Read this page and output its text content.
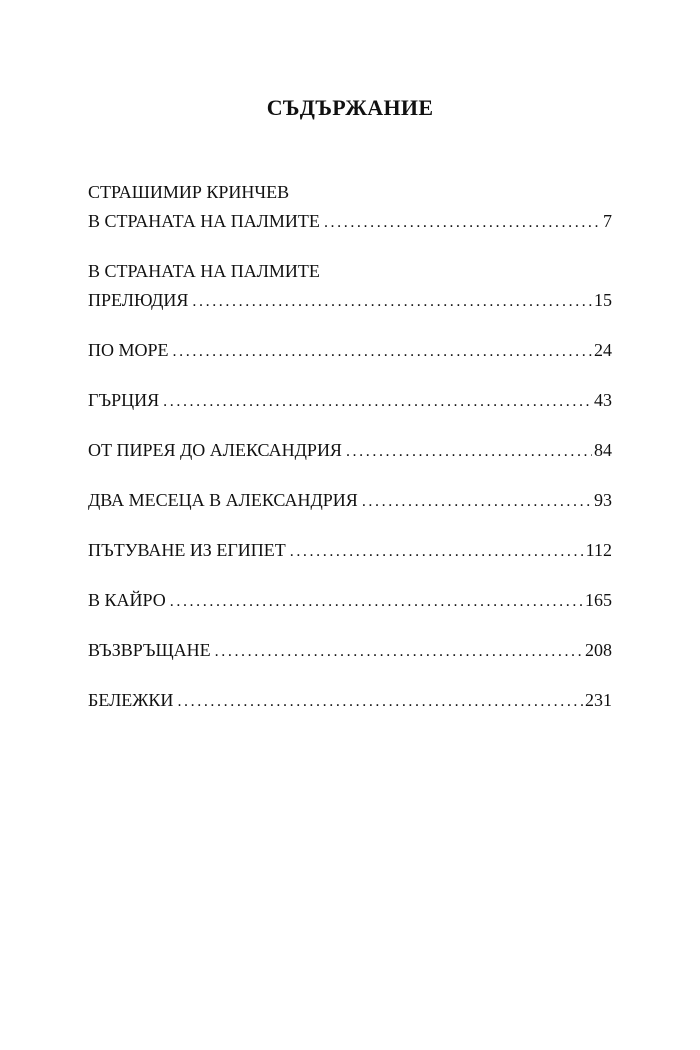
СЪДЪРЖАНИЕ
СТРАШИМИР КРИНЧЕВ
В СТРАНАТА НА ПАЛМИТЕ .....	7
В СТРАНАТА НА ПАЛМИТЕ
ПРЕЛЮДИЯ .....	15
ПО МОРЕ .....	24
ГЪРЦИЯ .....	43
ОТ ПИРЕЯ ДО АЛЕКСАНДРИЯ .....	84
ДВА МЕСЕЦА В АЛЕКСАНДРИЯ .....	93
ПЪТУВАНЕ ИЗ ЕГИПЕТ .....	112
В КАЙРО .....	165
ВЪЗВРЪЩАНЕ .....	208
БЕЛЕЖКИ .....	231
